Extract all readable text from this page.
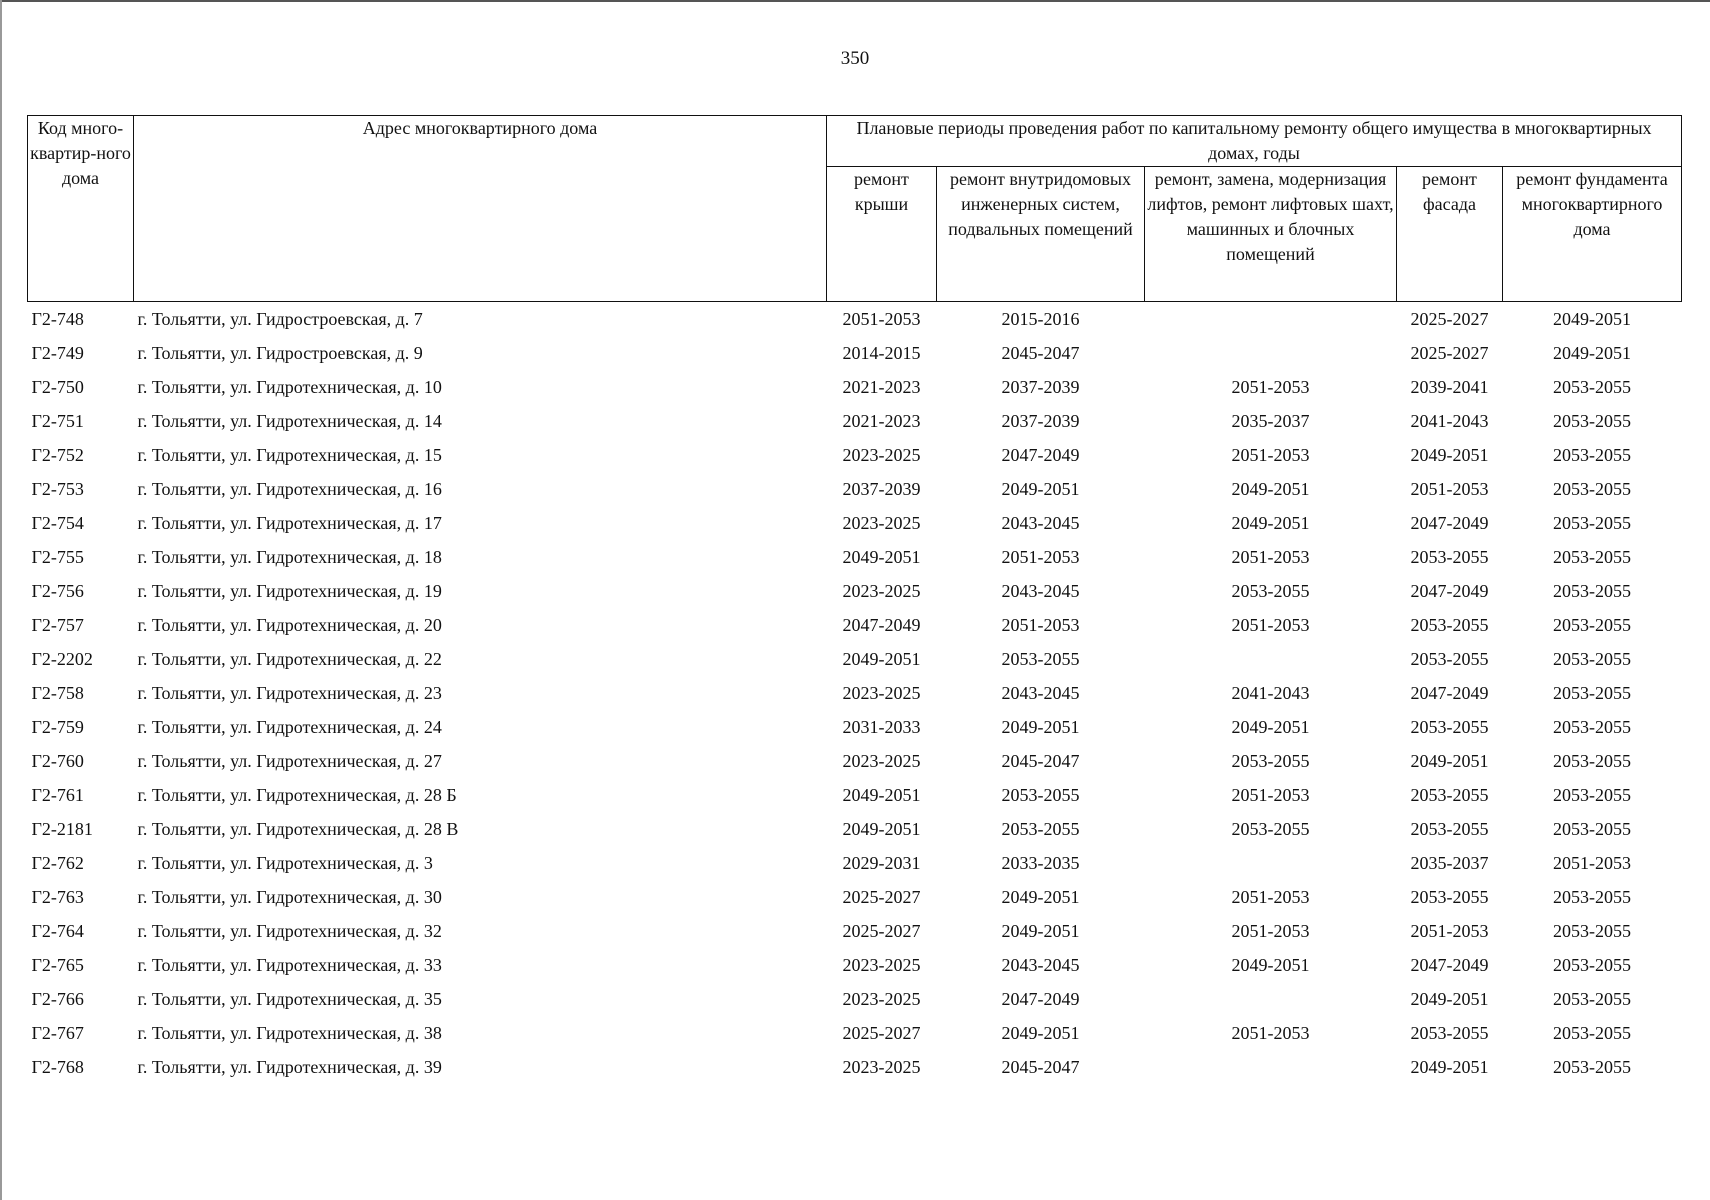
350
Код много-квартир-ного дома	Адрес многоквартирного дома	Плановые периоды проведения работ по капитальному ремонту общего имущества в многоквартирных домах, годы				
		ремонт крыши	ремонт внутридомовых инженерных систем, подвальных помещений	ремонт, замена, модернизация лифтов, ремонт лифтовых шахт, машинных и блочных помещений	ремонт фасада	ремонт фундамента многоквартирного дома
Г2-748	г. Тольятти, ул. Гидростроевская, д. 7	2051-2053	2015-2016		2025-2027	2049-2051
Г2-749	г. Тольятти, ул. Гидростроевская, д. 9	2014-2015	2045-2047		2025-2027	2049-2051
Г2-750	г. Тольятти, ул. Гидротехническая, д. 10	2021-2023	2037-2039	2051-2053	2039-2041	2053-2055
Г2-751	г. Тольятти, ул. Гидротехническая, д. 14	2021-2023	2037-2039	2035-2037	2041-2043	2053-2055
Г2-752	г. Тольятти, ул. Гидротехническая, д. 15	2023-2025	2047-2049	2051-2053	2049-2051	2053-2055
Г2-753	г. Тольятти, ул. Гидротехническая, д. 16	2037-2039	2049-2051	2049-2051	2051-2053	2053-2055
Г2-754	г. Тольятти, ул. Гидротехническая, д. 17	2023-2025	2043-2045	2049-2051	2047-2049	2053-2055
Г2-755	г. Тольятти, ул. Гидротехническая, д. 18	2049-2051	2051-2053	2051-2053	2053-2055	2053-2055
Г2-756	г. Тольятти, ул. Гидротехническая, д. 19	2023-2025	2043-2045	2053-2055	2047-2049	2053-2055
Г2-757	г. Тольятти, ул. Гидротехническая, д. 20	2047-2049	2051-2053	2051-2053	2053-2055	2053-2055
Г2-2202	г. Тольятти, ул. Гидротехническая, д. 22	2049-2051	2053-2055		2053-2055	2053-2055
Г2-758	г. Тольятти, ул. Гидротехническая, д. 23	2023-2025	2043-2045	2041-2043	2047-2049	2053-2055
Г2-759	г. Тольятти, ул. Гидротехническая, д. 24	2031-2033	2049-2051	2049-2051	2053-2055	2053-2055
Г2-760	г. Тольятти, ул. Гидротехническая, д. 27	2023-2025	2045-2047	2053-2055	2049-2051	2053-2055
Г2-761	г. Тольятти, ул. Гидротехническая, д. 28 Б	2049-2051	2053-2055	2051-2053	2053-2055	2053-2055
Г2-2181	г. Тольятти, ул. Гидротехническая, д. 28 В	2049-2051	2053-2055	2053-2055	2053-2055	2053-2055
Г2-762	г. Тольятти, ул. Гидротехническая, д. 3	2029-2031	2033-2035		2035-2037	2051-2053
Г2-763	г. Тольятти, ул. Гидротехническая, д. 30	2025-2027	2049-2051	2051-2053	2053-2055	2053-2055
Г2-764	г. Тольятти, ул. Гидротехническая, д. 32	2025-2027	2049-2051	2051-2053	2051-2053	2053-2055
Г2-765	г. Тольятти, ул. Гидротехническая, д. 33	2023-2025	2043-2045	2049-2051	2047-2049	2053-2055
Г2-766	г. Тольятти, ул. Гидротехническая, д. 35	2023-2025	2047-2049		2049-2051	2053-2055
Г2-767	г. Тольятти, ул. Гидротехническая, д. 38	2025-2027	2049-2051	2051-2053	2053-2055	2053-2055
Г2-768	г. Тольятти, ул. Гидротехническая, д. 39	2023-2025	2045-2047		2049-2051	2053-2055
